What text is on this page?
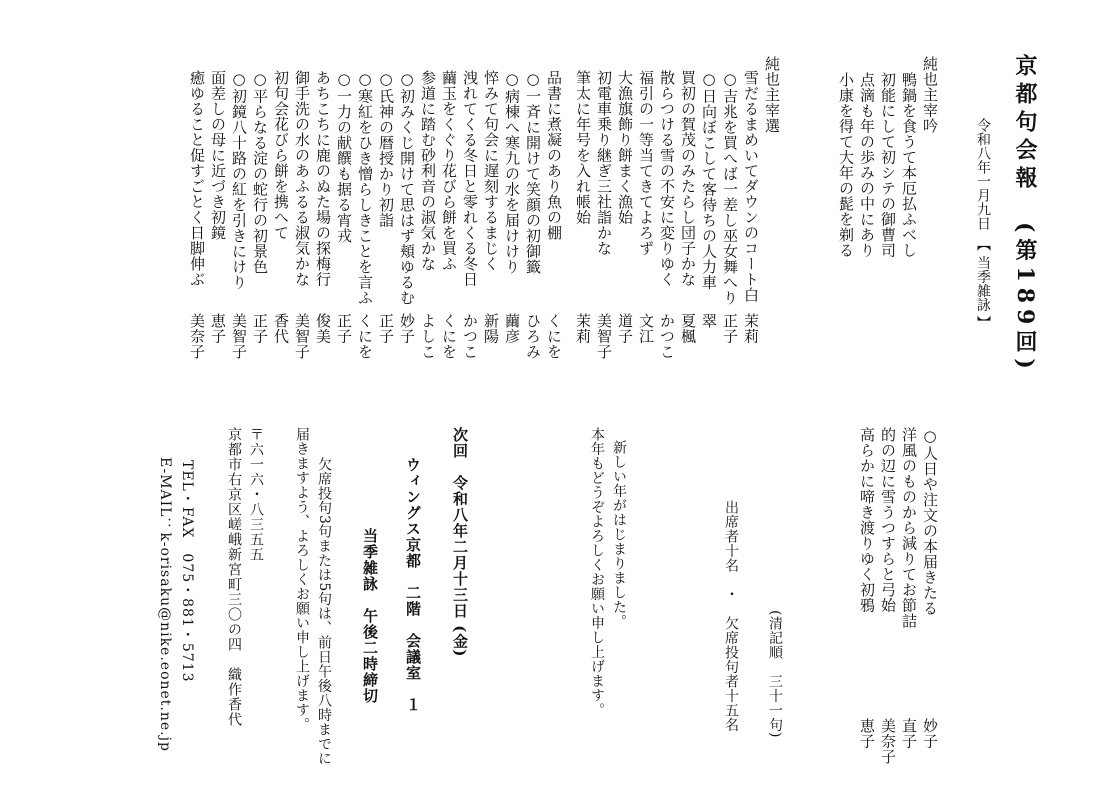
京都句会報　(第189回)
令和八年一月九日　【 当季雑詠 】
純也主宰吟
鴨鍋を食うて本厄払ふべし
初能にして初シテの御曹司
点滴も年の歩みの中にあり
小康を得て大年の髭を剃る
純也主宰選
雪だるまめいてダウンのコート白
茉莉
○吉兆を買へば一差し巫女舞へり
正子
○日向ぼこして客待ちの人力車
翠
買初の賀茂のみたらし団子かな
夏楓
散らつける雪の不安に変りゆく
かつこ
福引の一等当てきてよろず
文江
大漁旗飾り餅まく漁始
道子
初電車乗り継ぎ三社詣かな
美智子
筆太に年号を入れ帳始
茉莉
品書に煮凝のあり魚の棚
くにを
○一斉に開けて笑顔の初御籤
ひろみ
○病棟へ寒九の水を届けけり
繭彦
悴みて句会に遅刻するまじく
新陽
洩れてくる冬日と零れくる冬日
かつこ
繭玉をくぐり花びら餅を買ふ
くにを
参道に踏む砂利音の淑気かな
よしこ
○初みくじ開けて思はず頬ゆるむ
妙子
○氏神の暦授かり初詣
正子
○寒紅をひき憎らしきことを言ふ
くにを
○一力の献饌も据る宵戎
正子
あちこちに鹿のぬた場の探梅行
俊美
御手洗の水のあふるる淑気かな
美智子
初句会花びら餅を携へて
香代
○平らなる淀の蛇行の初景色
正子
○初鏡八十路の紅を引きにけり
美智子
面差しの母に近づき初鏡
恵子
癒ゆること促すごとく日脚伸ぶ
美奈子
○人日や注文の本届きたる
妙子
洋風のものから減りてお節詰
直子
的の辺に雪うつすらと弓始
美奈子
高らかに啼き渡りゆく初鴉
恵子
(清記順　三十一句)
出席者十名　・　欠席投句者十五名
新しい年がはじまりました。
本年もどうぞよろしくお願い申し上げます。
次回　令和八年二月十三日 (金)
ウィングス京都　二階　会議室　１
当季雑詠　午後二時締切
欠席投句3句または5句は、前日午後八時までに
届きますよう、よろしくお願い申し上げます。
〒六一六・八三五五
京都市右京区嵯峨新宮町三〇の四　織作香代
TEL・FAX　075・881・5713
E-MAIL：k-orisaku@nike.eonet.ne.jp
